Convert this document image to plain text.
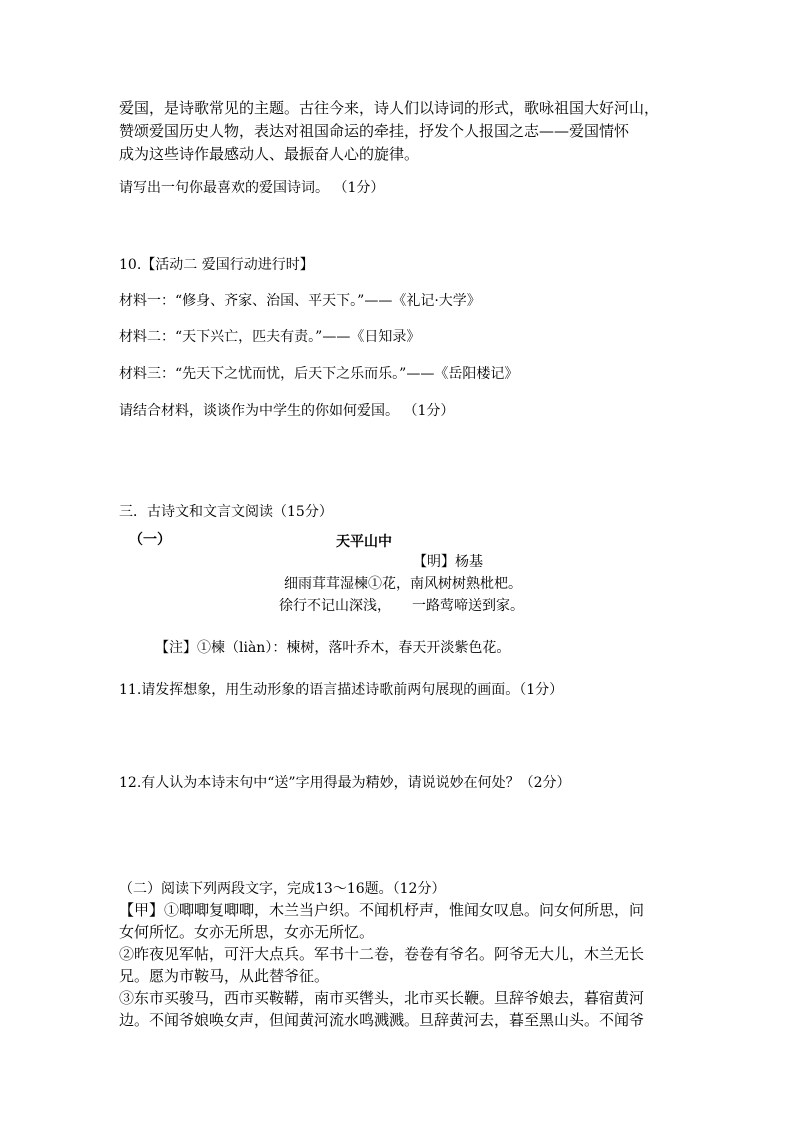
爱国，是诗歌常见的主题。古往今来，诗人们以诗词的形式，歌咏祖国大好河山，
赞颂爱国历史人物，表达对祖国命运的牵挂，抒发个人报国之志——爱国情怀
成为这些诗作最感动人、最振奋人心的旋律。
请写出一句你最喜欢的爱国诗词。 （1分）
10.【活动二 爱国行动进行时】
材料一：“修身、齐家、治国、平天下。”——《礼记·大学》
材料二：“天下兴亡，匹夫有责。”——《日知录》
材料三：“先天下之忧而忧，后天下之乐而乐。”——《岳阳楼记》
请结合材料，谈谈作为中学生的你如何爱国。 （1分）
三．古诗文和文言文阅读（15分）
（一）	天平山中
【明】杨基
细雨茸茸湿楝①花，南风树树熟枇杷。
徐行不记山深浅，　　一路莺啼送到家。
【注】①楝（liàn）：楝树，落叶乔木，春天开淡紫色花。
11.请发挥想象，用生动形象的语言描述诗歌前两句展现的画面。（1分）
12.有人认为本诗末句中“送”字用得最为精妙，请说说妙在何处？（2分）
（二）阅读下列两段文字，完成13～16题。（12分）
【甲】①唧唧复唧唧，木兰当户织。不闻机杼声，惟闻女叹息。问女何所思，问
女何所忆。女亦无所思，女亦无所忆。
②昨夜见军帖，可汗大点兵。军书十二卷，卷卷有爷名。阿爷无大儿，木兰无长
兄。愿为市鞍马，从此替爷征。
③东市买骏马，西市买鞍鞯，南市买辔头，北市买长鞭。旦辞爷娘去，暮宿黄河
边。不闻爷娘唤女声，但闻黄河流水鸣溅溅。旦辞黄河去，暮至黑山头。不闻爷
